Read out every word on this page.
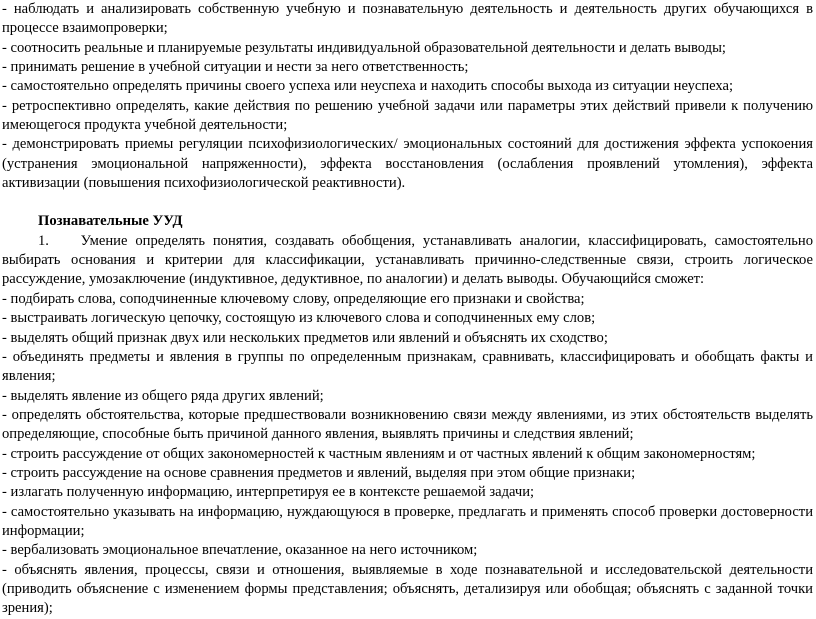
- наблюдать и анализировать собственную учебную и познавательную деятельность и деятельность других обучающихся в процессе взаимопроверки;

- соотносить реальные и планируемые результаты индивидуальной образовательной деятельности и делать выводы;

- принимать решение в учебной ситуации и нести за него ответственность;

- самостоятельно определять причины своего успеха или неуспеха и находить способы выхода из ситуации неуспеха;

- ретроспективно определять, какие действия по решению учебной задачи или параметры этих действий привели к получению имеющегося продукта учебной деятельности;

- демонстрировать приемы регуляции психофизиологических/ эмоциональных состояний для достижения эффекта успокоения (устранения эмоциональной напряженности), эффекта восстановления (ослабления проявлений утомления), эффекта активизации (повышения психофизиологической реактивности).

Познавательные УУД

1.    Умение определять понятия, создавать обобщения, устанавливать аналогии, классифицировать, самостоятельно выбирать основания и критерии для классификации, устанавливать причинно-следственные связи, строить логическое рассуждение, умозаключение (индуктивное, дедуктивное, по аналогии) и делать выводы. Обучающийся сможет:

- подбирать слова, соподчиненные ключевому слову, определяющие его признаки и свойства;

- выстраивать логическую цепочку, состоящую из ключевого слова и соподчиненных ему слов;

- выделять общий признак двух или нескольких предметов или явлений и объяснять их сходство;

- объединять предметы и явления в группы по определенным признакам, сравнивать, классифицировать и обобщать факты и явления;

- выделять явление из общего ряда других явлений;

- определять обстоятельства, которые предшествовали возникновению связи между явлениями, из этих обстоятельств выделять определяющие, способные быть причиной данного явления, выявлять причины и следствия явлений;

- строить рассуждение от общих закономерностей к частным явлениям и от частных явлений к общим закономерностям;

- строить рассуждение на основе сравнения предметов и явлений, выделяя при этом общие признаки;

- излагать полученную информацию, интерпретируя ее в контексте решаемой задачи;

- самостоятельно указывать на информацию, нуждающуюся в проверке, предлагать и применять способ проверки достоверности информации;

- вербализовать эмоциональное впечатление, оказанное на него источником;

- объяснять явления, процессы, связи и отношения, выявляемые в ходе познавательной и исследовательской деятельности (приводить объяснение с изменением формы представления; объяснять, детализируя или обобщая; объяснять с заданной точки зрения);
